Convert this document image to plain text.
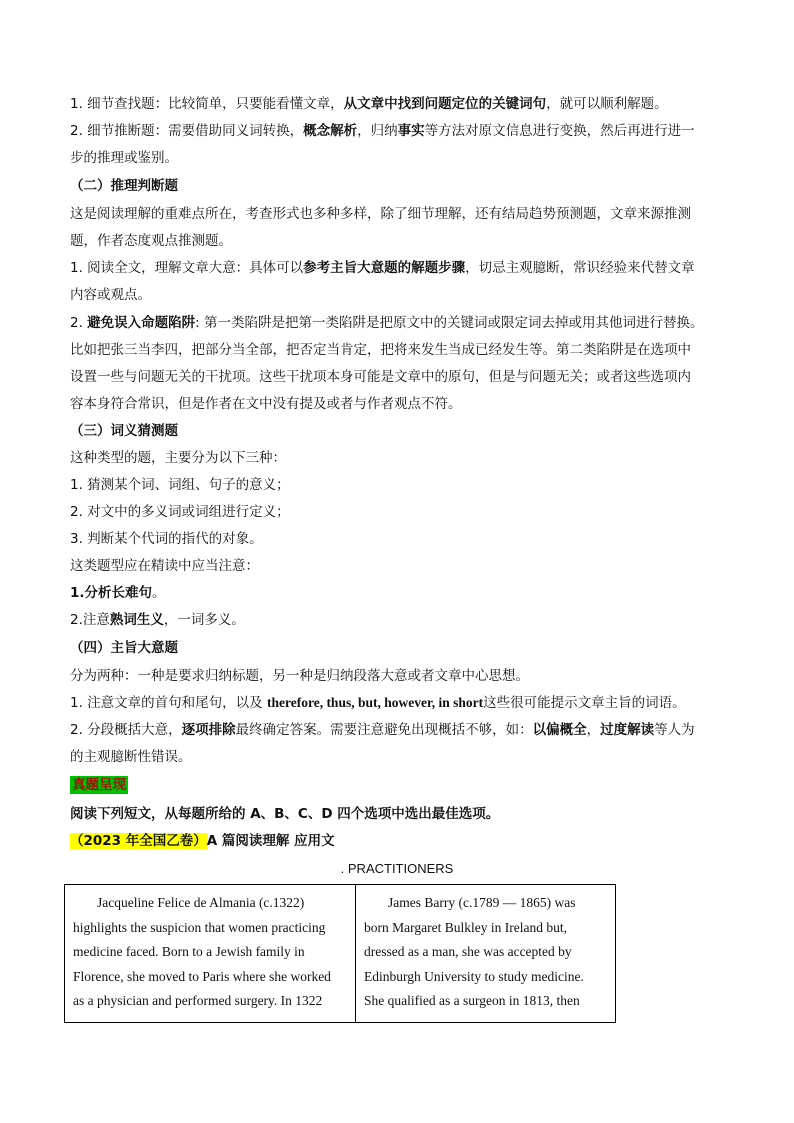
1. 细节查找题：比较简单，只要能看懂文章，从文章中找到问题定位的关键词句，就可以顺利解题。
2. 细节推断题：需要借助同义词转换，概念解析，归纳事实等方法对原文信息进行变换，然后再进行进一
步的推理或鉴别。
（二）推理判断题
这是阅读理解的重难点所在，考查形式也多种多样，除了细节理解，还有结局趋势预测题，文章来源推测
题，作者态度观点推测题。
1. 阅读全文，理解文章大意：具体可以参考主旨大意题的解题步骤，切忌主观臆断，常识经验来代替文章
内容或观点。
2. 避免误入命题陷阱: 第一类陷阱是把第一类陷阱是把原文中的关键词或限定词去掉或用其他词进行替换。
比如把张三当李四，把部分当全部，把否定当肯定，把将来发生当成已经发生等。第二类陷阱是在选项中
设置一些与问题无关的干扰项。这些干扰项本身可能是文章中的原句，但是与问题无关；或者这些选项内
容本身符合常识，但是作者在文中没有提及或者与作者观点不符。
（三）词义猜测题
这种类型的题，主要分为以下三种：
1. 猜测某个词、词组、句子的意义；
2. 对文中的多义词或词组进行定义；
3. 判断某个代词的指代的对象。
这类题型应在精读中应当注意：
1.分析长难句。
2.注意熟词生义，一词多义。
（四）主旨大意题
分为两种：一种是要求归纳标题，另一种是归纳段落大意或者文章中心思想。
1. 注意文章的首句和尾句，以及 therefore, thus, but, however, in short这些很可能提示文章主旨的词语。
2. 分段概括大意，逐项排除最终确定答案。需要注意避免出现概括不够，如：以偏概全，过度解读等人为
的主观臆断性错误。
真题呈现
阅读下列短文，从每题所给的 A、B、C、D 四个选项中选出最佳选项。
（2023 年全国乙卷）A 篇阅读理解 应用文
. PRACTITIONERS
Jacqueline Felice de Almania (c.1322)
highlights the suspicion that women practicing
medicine faced. Born to a Jewish family in
Florence, she moved to Paris where she worked
as a physician and performed surgery. In 1322

James Barry (c.1789 — 1865) was
born Margaret Bulkley in Ireland but,
dressed as a man, she was accepted by
Edinburgh University to study medicine.
She qualified as a surgeon in 1813, then
